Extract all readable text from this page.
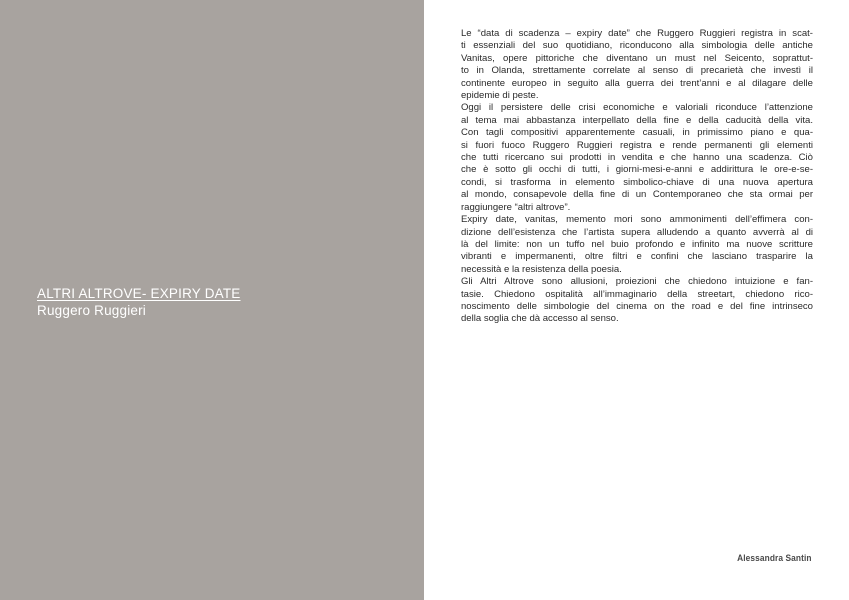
ALTRI ALTROVE- EXPIRY DATE
Ruggero Ruggieri

Le “data di scadenza – expiry date” che Ruggero Ruggieri registra in scat-
ti essenziali del suo quotidiano, riconducono alla simbologia delle antiche
Vanitas, opere pittoriche che diventano un must nel Seicento, soprattut-
to in Olanda, strettamente correlate al senso di precarietà che investì il
continente europeo in seguito alla guerra dei trent’anni e al dilagare delle
epidemie di peste.

Oggi il persistere delle crisi economiche e valoriali riconduce l’attenzione
al tema mai abbastanza interpellato della fine e della caducità della vita.
Con tagli compositivi apparentemente casuali, in primissimo piano e qua-
si fuori fuoco Ruggero Ruggieri registra e rende permanenti gli elementi
che tutti ricercano sui prodotti in vendita e che hanno una scadenza. Ciò
che è sotto gli occhi di tutti, i giorni-mesi-e-anni e addirittura le ore-e-se-
condi, si trasforma in elemento simbolico-chiave di una nuova apertura
al mondo, consapevole della fine di un Contemporaneo che sta ormai per
raggiungere “altri altrove”.

Expiry date, vanitas, memento mori sono ammonimenti dell’effimera con-
dizione dell’esistenza che l’artista supera alludendo a quanto avverrà al di
là del limite: non un tuffo nel buio profondo e infinito ma nuove scritture
vibranti e impermanenti, oltre filtri e confini che lasciano trasparire la
necessità e la resistenza della poesia.

Gli Altri Altrove sono allusioni, proiezioni che chiedono intuizione e fan-
tasie. Chiedono ospitalità all’immaginario della streetart, chiedono rico-
noscimento delle simbologie del cinema on the road e del fine intrinseco
della soglia che dà accesso al senso.

Alessandra Santin
